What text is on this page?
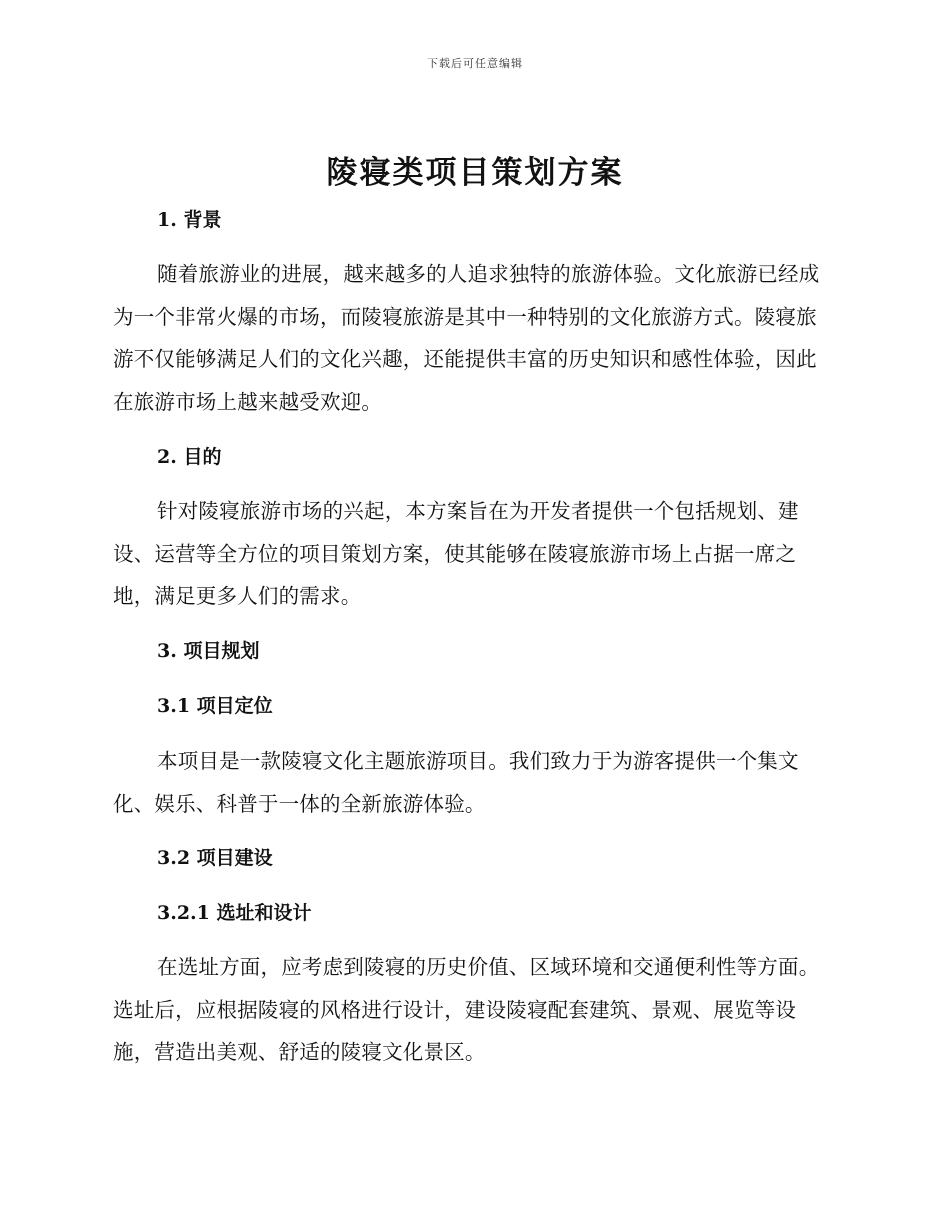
下载后可任意编辑
陵寝类项目策划方案
1. 背景

随着旅游业的进展，越来越多的人追求独特的旅游体验。文化旅游已经成为一个非常火爆的市场，而陵寝旅游是其中一种特别的文化旅游方式。陵寝旅游不仅能够满足人们的文化兴趣，还能提供丰富的历史知识和感性体验，因此在旅游市场上越来越受欢迎。

2. 目的

针对陵寝旅游市场的兴起，本方案旨在为开发者提供一个包括规划、建设、运营等全方位的项目策划方案，使其能够在陵寝旅游市场上占据一席之地，满足更多人们的需求。

3. 项目规划
3.1 项目定位

本项目是一款陵寝文化主题旅游项目。我们致力于为游客提供一个集文化、娱乐、科普于一体的全新旅游体验。

3.2 项目建设
3.2.1 选址和设计

在选址方面，应考虑到陵寝的历史价值、区域环境和交通便利性等方面。选址后，应根据陵寝的风格进行设计，建设陵寝配套建筑、景观、展览等设施，营造出美观、舒适的陵寝文化景区。
